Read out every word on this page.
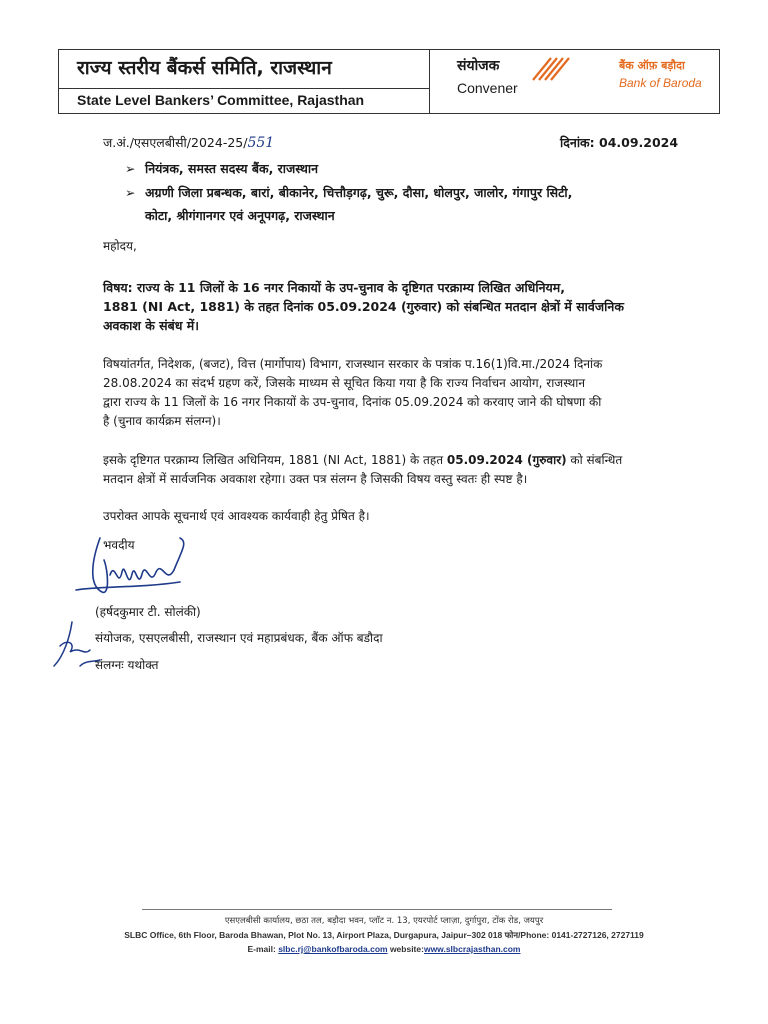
राज्य स्तरीय बैंकर्स समिति, राजस्थान
State Level Bankers’ Committee, Rajasthan
संयोजक
Convener
बैंक ऑफ़ बड़ौदा
Bank of Baroda
ज.अं./एसएलबीसी/2024-25/551	दिनांक: 04.09.2024
➢ नियंत्रक, समस्त सदस्य बैंक, राजस्थान
➢ अग्रणी जिला प्रबन्धक, बारां, बीकानेर, चित्तौड़गढ़, चुरू, दौसा, धोलपुर, जालोर, गंगापुर सिटी,
कोटा, श्रीगंगानगर एवं अनूपगढ़, राजस्थान
महोदय,
विषय: राज्य के 11 जिलों के 16 नगर निकायों के उप-चुनाव के दृष्टिगत परक्राम्य लिखित अधिनियम,
1881 (NI Act, 1881) के तहत दिनांक 05.09.2024 (गुरुवार) को संबन्धित मतदान क्षेत्रों में सार्वजनिक
अवकाश के संबंध में।
विषयांतर्गत, निदेशक, (बजट), वित्त (मार्गोपाय) विभाग, राजस्थान सरकार के पत्रांक प.16(1)वि.मा./2024 दिनांक
28.08.2024 का संदर्भ ग्रहण करें, जिसके माध्यम से सूचित किया गया है कि राज्य निर्वाचन आयोग, राजस्थान
द्वारा राज्य के 11 जिलों के 16 नगर निकायों के उप-चुनाव, दिनांक 05.09.2024 को करवाए जाने की घोषणा की
है (चुनाव कार्यक्रम संलग्न)।
इसके दृष्टिगत परक्राम्य लिखित अधिनियम, 1881 (NI Act, 1881) के तहत 05.09.2024 (गुरुवार) को संबन्धित
मतदान क्षेत्रों में सार्वजनिक अवकाश रहेगा। उक्त पत्र संलग्न है जिसकी विषय वस्तु स्वतः ही स्पष्ट है।
उपरोक्त आपके सूचनार्थ एवं आवश्यक कार्यवाही हेतु प्रेषित है।
भवदीय
(हर्षदकुमार टी. सोलंकी)
संयोजक, एसएलबीसी, राजस्थान एवं महाप्रबंधक, बैंक ऑफ बडौदा
संलग्नः यथोक्त
एसएलबीसी कार्यालय, छठा तल, बड़ौदा भवन, प्लॉट न. 13, एयरपोर्ट प्लाज़ा, दुर्गापुरा, टोंक रोड, जयपुर
SLBC Office, 6th Floor, Baroda Bhawan, Plot No. 13, Airport Plaza, Durgapura, Jaipur–302 018 फोन/Phone: 0141-2727126, 2727119
E-mail: slbc.rj@bankofbaroda.com website:www.slbcrajasthan.com
